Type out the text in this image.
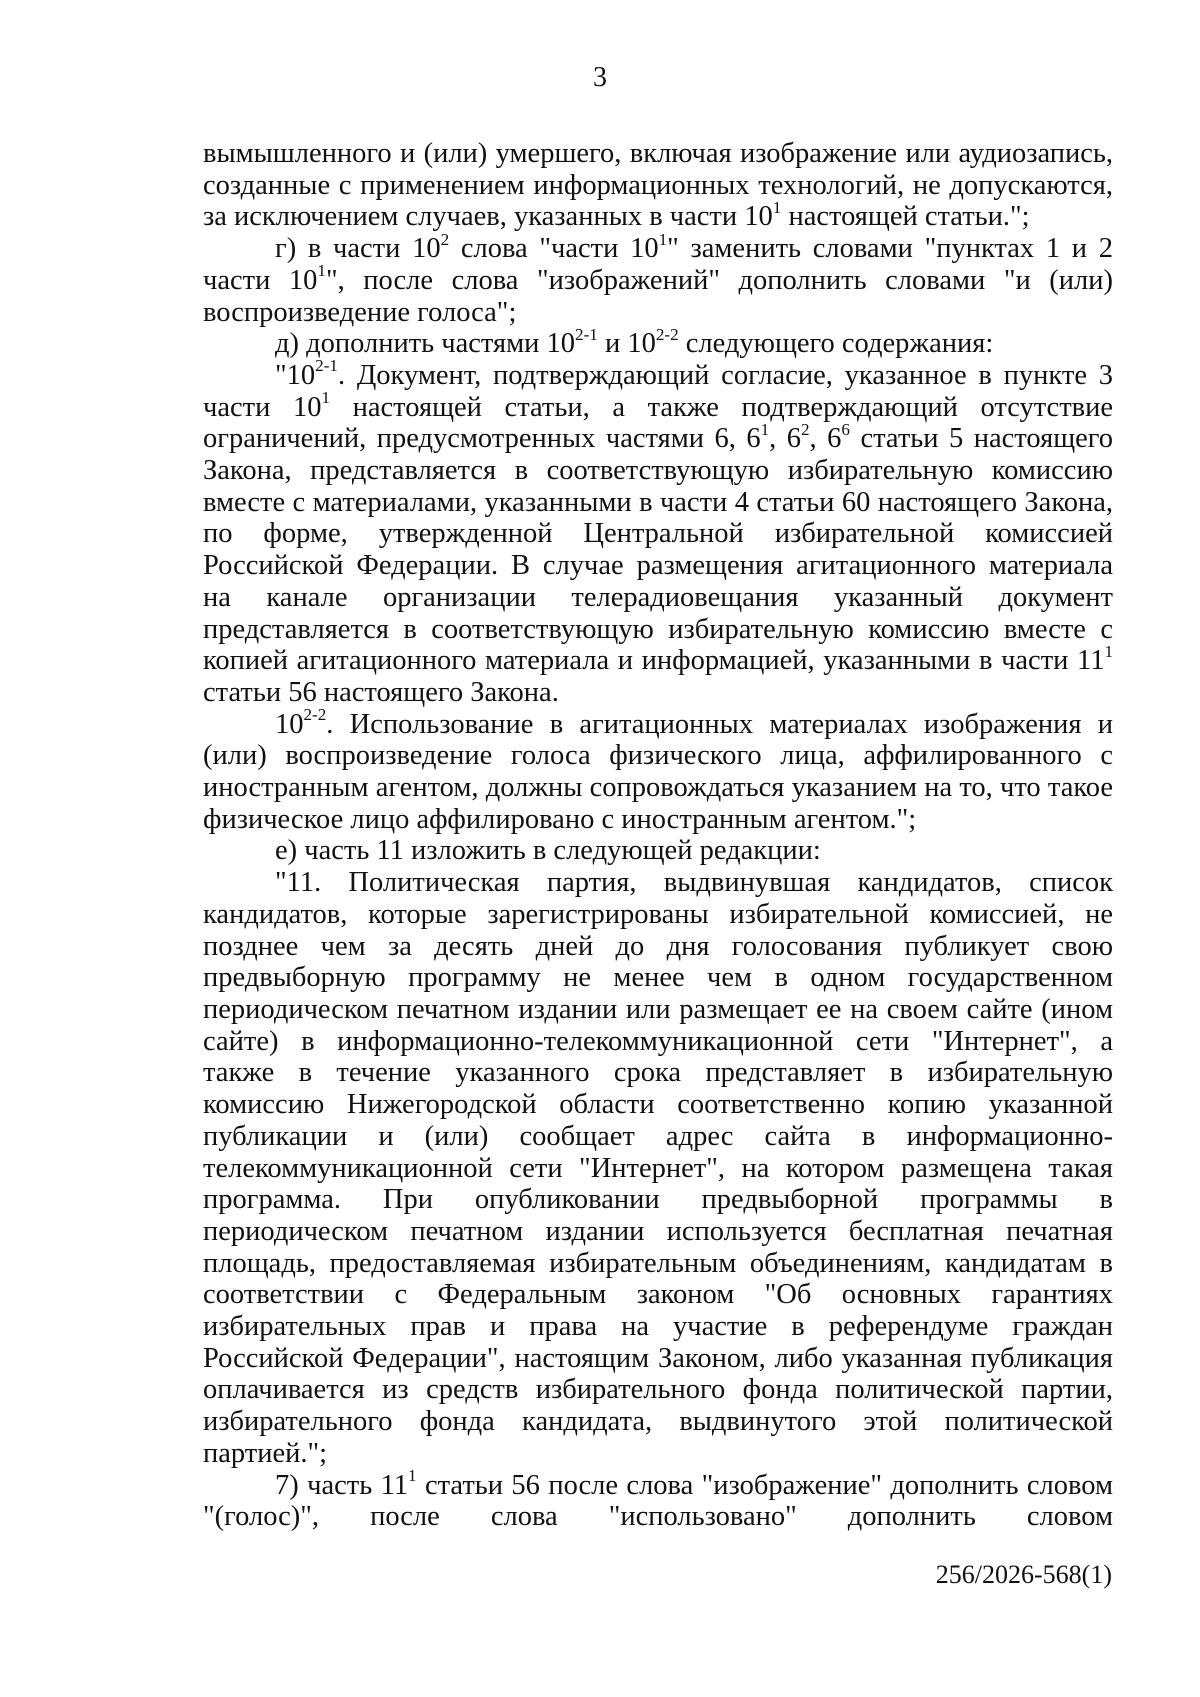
3

вымышленного и (или) умершего, включая изображение или аудиозапись, созданные с применением информационных технологий, не допускаются, за исключением случаев, указанных в части $10^1$ настоящей статьи.";

г) в части $10^2$ слова "части $10^1$" заменить словами "пунктах 1 и 2 части $10^1$", после слова "изображений" дополнить словами "и (или) воспроизведение голоса";

д) дополнить частями 10$^{2-1}$ и 10$^{2-2}$ следующего содержания:

"10$^{2-1}$. Документ, подтверждающий согласие, указанное в пункте 3 части $10^1$ настоящей статьи, а также подтверждающий отсутствие ограничений, предусмотренных частями 6, $6^1$, $6^2$, $6^6$ статьи 5 настоящего Закона, представляется в соответствующую избирательную комиссию вместе с материалами, указанными в части 4 статьи 60 настоящего Закона, по форме, утвержденной Центральной избирательной комиссией Российской Федерации. В случае размещения агитационного материала на канале организации телерадиовещания указанный документ представляется в соответствующую избирательную комиссию вместе с копией агитационного материала и информацией, указанными в части $11^1$ статьи 56 настоящего Закона.

10$^{2-2}$. Использование в агитационных материалах изображения и (или) воспроизведение голоса физического лица, аффилированного с иностранным агентом, должны сопровождаться указанием на то, что такое физическое лицо аффилировано с иностранным агентом.";

е) часть 11 изложить в следующей редакции:

"11. Политическая партия, выдвинувшая кандидатов, список кандидатов, которые зарегистрированы избирательной комиссией, не позднее чем за десять дней до дня голосования публикует свою предвыборную программу не менее чем в одном государственном периодическом печатном издании или размещает ее на своем сайте (ином сайте) в информационно-телекоммуникационной сети "Интернет", а также в течение указанного срока представляет в избирательную комиссию Нижегородской области соответственно копию указанной публикации и (или) сообщает адрес сайта в информационно-телекоммуникационной сети "Интернет", на котором размещена такая программа. При опубликовании предвыборной программы в периодическом печатном издании используется бесплатная печатная площадь, предоставляемая избирательным объединениям, кандидатам в соответствии с Федеральным законом "Об основных гарантиях избирательных прав и права на участие в референдуме граждан Российской Федерации", настоящим Законом, либо указанная публикация оплачивается из средств избирательного фонда политической партии, избирательного фонда кандидата, выдвинутого этой политической партией.";

7) часть $11^1$ статьи 56 после слова "изображение" дополнить словом "(голос)", после слова "использовано" дополнить словом

256/2026-568(1)
